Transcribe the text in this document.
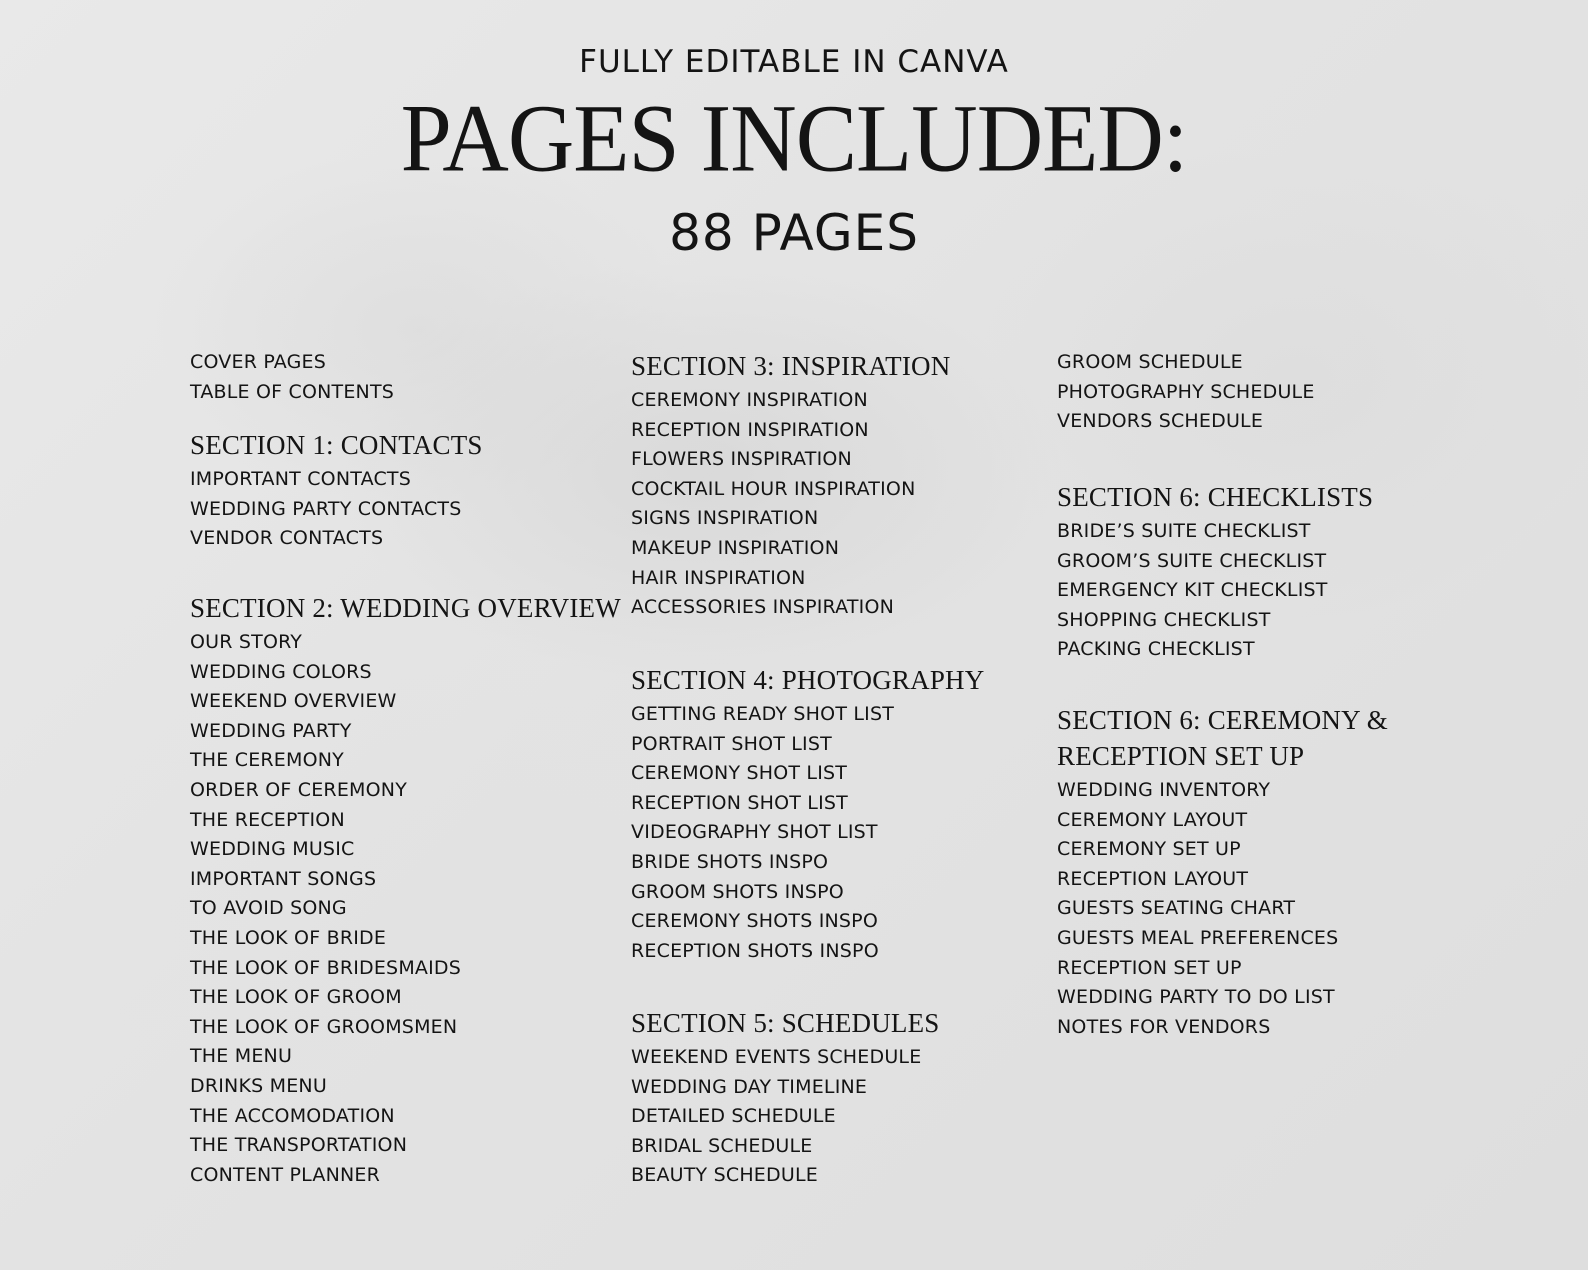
FULLY EDITABLE IN CANVA
PAGES INCLUDED:
88 PAGES
COVER PAGES
TABLE OF CONTENTS
SECTION 1: CONTACTS
IMPORTANT CONTACTS
WEDDING PARTY CONTACTS
VENDOR CONTACTS
SECTION 2: WEDDING OVERVIEW
OUR STORY
WEDDING COLORS
WEEKEND OVERVIEW
WEDDING PARTY
THE CEREMONY
ORDER OF CEREMONY
THE RECEPTION
WEDDING MUSIC
IMPORTANT SONGS
TO AVOID SONG
THE LOOK OF BRIDE
THE LOOK OF BRIDESMAIDS
THE LOOK OF GROOM
THE LOOK OF GROOMSMEN
THE MENU
DRINKS MENU
THE ACCOMODATION
THE TRANSPORTATION
CONTENT PLANNER
SECTION 3: INSPIRATION
CEREMONY INSPIRATION
RECEPTION INSPIRATION
FLOWERS INSPIRATION
COCKTAIL HOUR INSPIRATION
SIGNS INSPIRATION
MAKEUP INSPIRATION
HAIR INSPIRATION
ACCESSORIES INSPIRATION
SECTION 4: PHOTOGRAPHY
GETTING READY SHOT LIST
PORTRAIT SHOT LIST
CEREMONY SHOT LIST
RECEPTION SHOT LIST
VIDEOGRAPHY SHOT LIST
BRIDE SHOTS INSPO
GROOM SHOTS INSPO
CEREMONY SHOTS INSPO
RECEPTION SHOTS INSPO
SECTION 5: SCHEDULES
WEEKEND EVENTS SCHEDULE
WEDDING DAY TIMELINE
DETAILED SCHEDULE
BRIDAL SCHEDULE
BEAUTY SCHEDULE
GROOM SCHEDULE
PHOTOGRAPHY SCHEDULE
VENDORS SCHEDULE
SECTION 6: CHECKLISTS
BRIDE’S SUITE CHECKLIST
GROOM’S SUITE CHECKLIST
EMERGENCY KIT CHECKLIST
SHOPPING CHECKLIST
PACKING CHECKLIST
SECTION 6: CEREMONY &
RECEPTION SET UP
WEDDING INVENTORY
CEREMONY LAYOUT
CEREMONY SET UP
RECEPTION LAYOUT
GUESTS SEATING CHART
GUESTS MEAL PREFERENCES
RECEPTION SET UP
WEDDING PARTY TO DO LIST
NOTES FOR VENDORS
